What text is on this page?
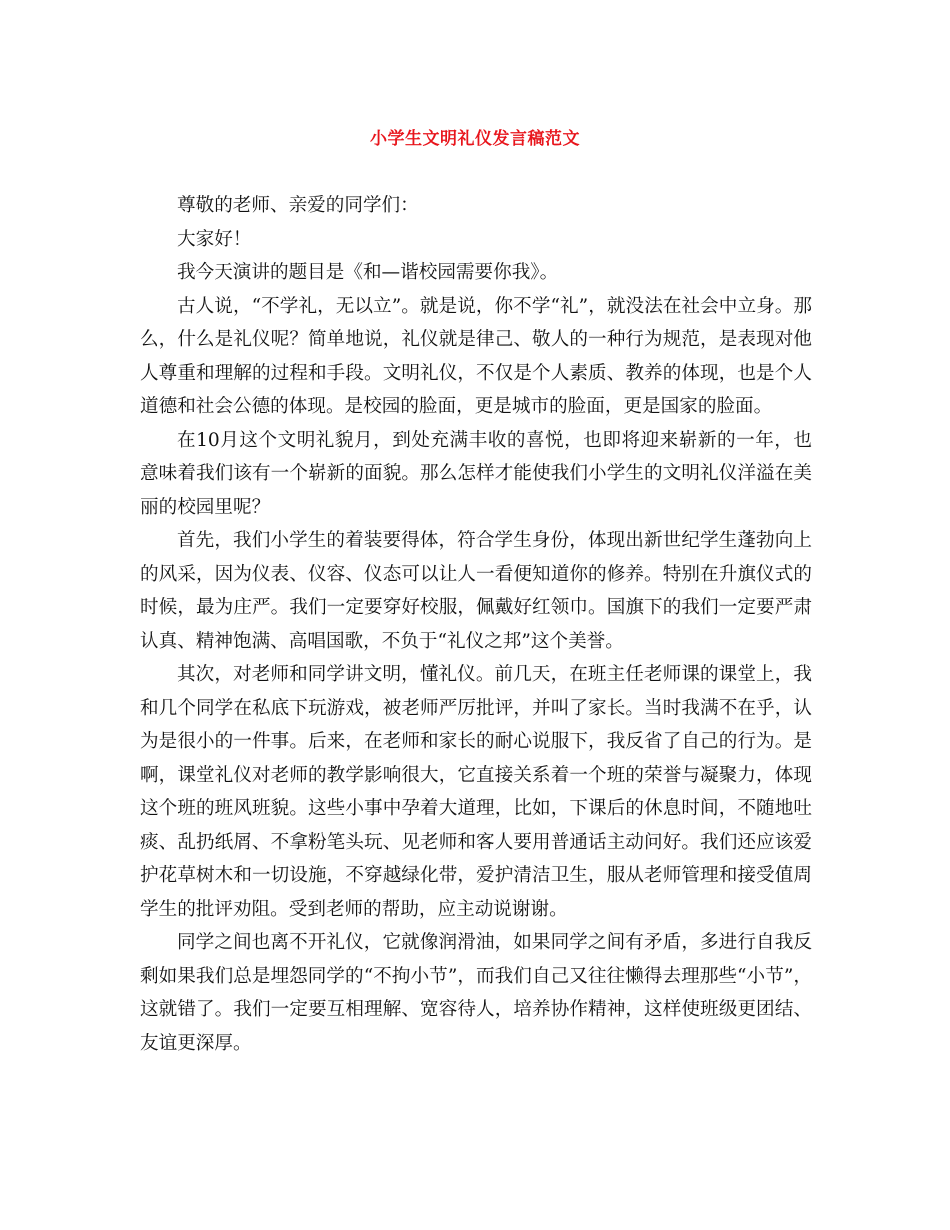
小学生文明礼仪发言稿范文

尊敬的老师、亲爱的同学们：

大家好！

我今天演讲的题目是《和—谐校园需要你我》。

古人说，“不学礼，无以立”。就是说，你不学“礼”，就没法在社会中立身。那么，什么是礼仪呢？简单地说，礼仪就是律己、敬人的一种行为规范，是表现对他人尊重和理解的过程和手段。文明礼仪，不仅是个人素质、教养的体现，也是个人道德和社会公德的体现。是校园的脸面，更是城市的脸面，更是国家的脸面。

在10月这个文明礼貌月，到处充满丰收的喜悦，也即将迎来崭新的一年，也意味着我们该有一个崭新的面貌。那么怎样才能使我们小学生的文明礼仪洋溢在美丽的校园里呢？

首先，我们小学生的着装要得体，符合学生身份，体现出新世纪学生蓬勃向上的风采，因为仪表、仪容、仪态可以让人一看便知道你的修养。特别在升旗仪式的时候，最为庄严。我们一定要穿好校服，佩戴好红领巾。国旗下的我们一定要严肃认真、精神饱满、高唱国歌，不负于“礼仪之邦”这个美誉。

其次，对老师和同学讲文明，懂礼仪。前几天，在班主任老师课的课堂上，我和几个同学在私底下玩游戏，被老师严厉批评，并叫了家长。当时我满不在乎，认为是很小的一件事。后来，在老师和家长的耐心说服下，我反省了自己的行为。是啊，课堂礼仪对老师的教学影响很大，它直接关系着一个班的荣誉与凝聚力，体现这个班的班风班貌。这些小事中孕着大道理，比如，下课后的休息时间，不随地吐痰、乱扔纸屑、不拿粉笔头玩、见老师和客人要用普通话主动问好。我们还应该爱护花草树木和一切设施，不穿越绿化带，爱护清洁卫生，服从老师管理和接受值周学生的批评劝阻。受到老师的帮助，应主动说谢谢。

同学之间也离不开礼仪，它就像润滑油，如果同学之间有矛盾，多进行自我反剩如果我们总是埋怨同学的“不拘小节”，而我们自己又往往懒得去理那些“小节”，这就错了。我们一定要互相理解、宽容待人，培养协作精神，这样使班级更团结、友谊更深厚。
